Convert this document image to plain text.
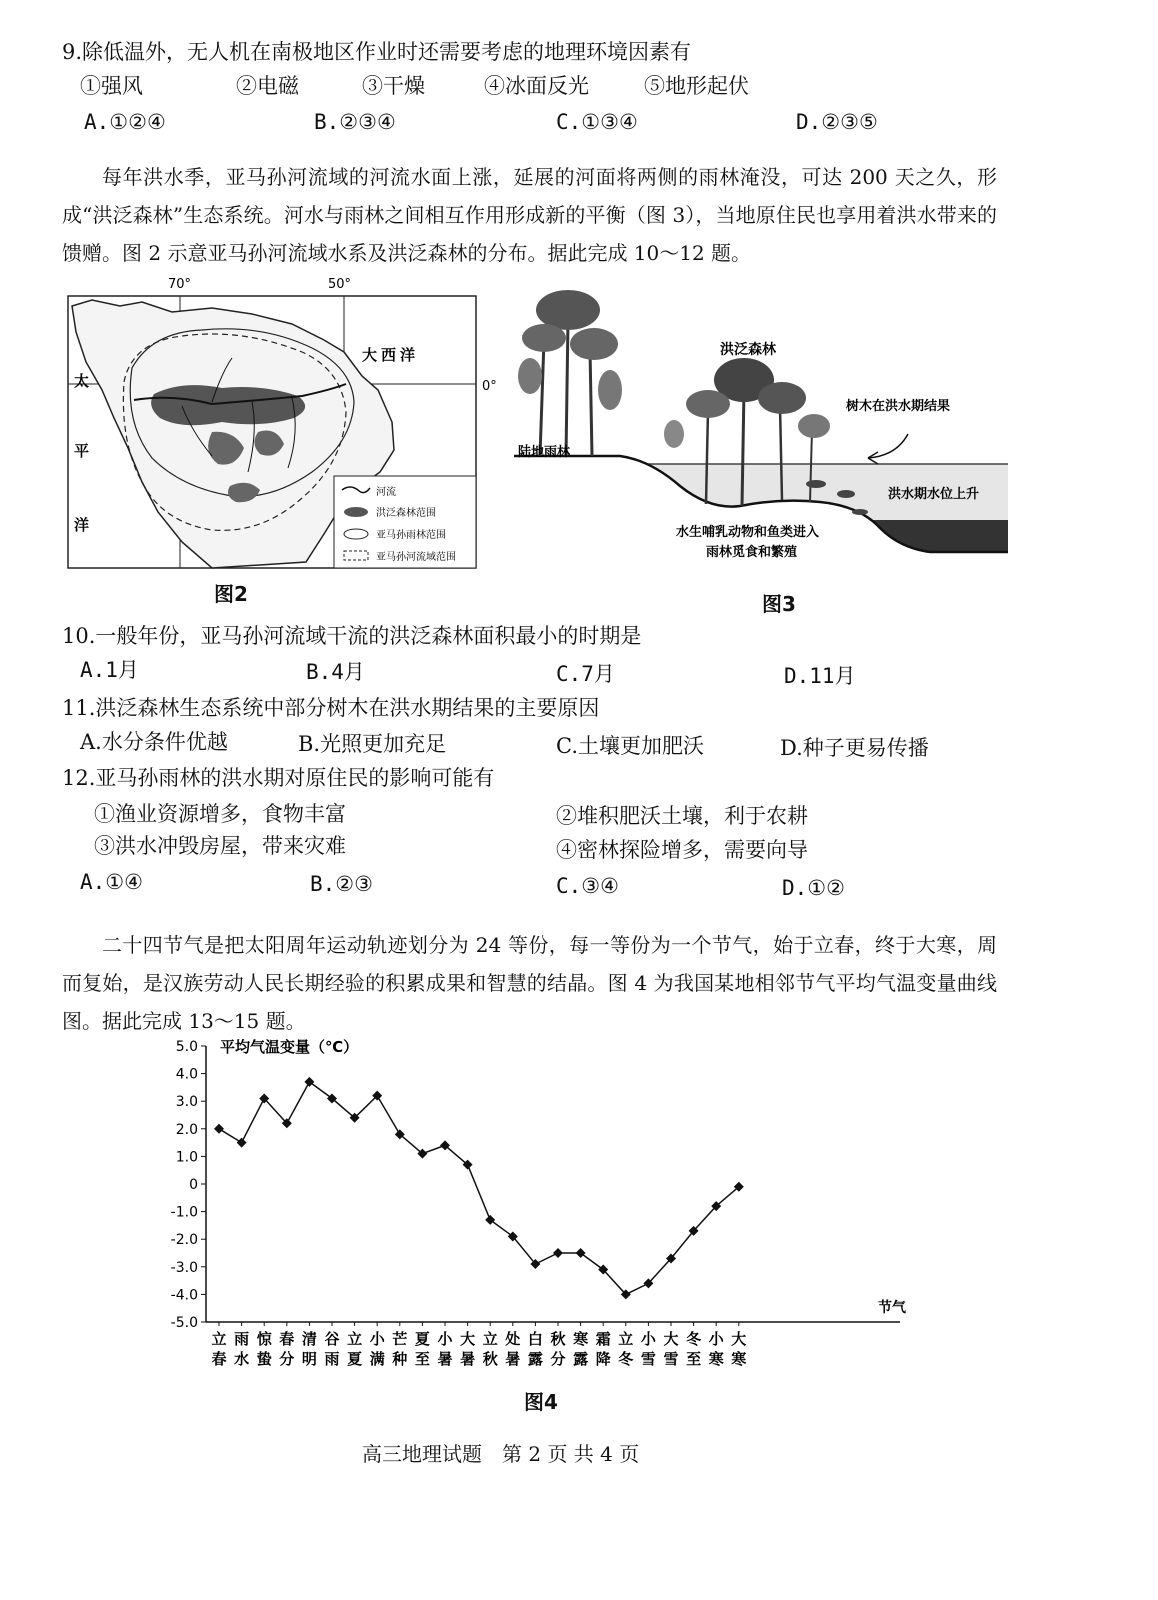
9.除低温外，无人机在南极地区作业时还需要考虑的地理环境因素有
①强风	②电磁	③干燥	④冰面反光	⑤地形起伏
A.①②④	B.②③④	C.①③④	D.②③⑤
每年洪水季，亚马孙河流域的河流水面上涨，延展的河面将两侧的雨林淹没，可达 200 天之久，形成“洪泛森林”生态系统。河水与雨林之间相互作用形成新的平衡（图 3），当地原住民也享用着洪水带来的馈赠。图 2 示意亚马孙河流域水系及洪泛森林的分布。据此完成 10～12 题。
河流
洪泛森林范围
亚马孙雨林范围
亚马孙河流域范围
70°	50°
0°
大西洋
太
平
洋
图2
洪泛森林
树木在洪水期结果
陆地雨林
洪水期水位上升
水生哺乳动物和鱼类进入
雨林觅食和繁殖
图3
10.一般年份，亚马孙河流域干流的洪泛森林面积最小的时期是
A.1月	B.4月	C.7月	D.11月
11.洪泛森林生态系统中部分树木在洪水期结果的主要原因
A.水分条件优越	B.光照更加充足	C.土壤更加肥沃	D.种子更易传播
12.亚马孙雨林的洪水期对原住民的影响可能有
①渔业资源增多，食物丰富	②堆积肥沃土壤，利于农耕
③洪水冲毁房屋，带来灾难	④密林探险增多，需要向导
A.①④	B.②③	C.③④	D.①②
二十四节气是把太阳周年运动轨迹划分为 24 等份，每一等份为一个节气，始于立春，终于大寒，周而复始，是汉族劳动人民长期经验的积累成果和智慧的结晶。图 4 为我国某地相邻节气平均气温变量曲线图。据此完成 13～15 题。
平均气温变量（℃）
节气
5.0
4.0
3.0
2.0
1.0
0
-1.0
-2.0
-3.0
-4.0
-5.0
立春
雨水
惊蛰
春分
清明
谷雨
立夏
小满
芒种
夏至
小暑
大暑
立秋
处暑
白露
秋分
寒露
霜降
立冬
小雪
大雪
冬至
小寒
大寒
图4
高三地理试题　第 2 页 共 4 页
